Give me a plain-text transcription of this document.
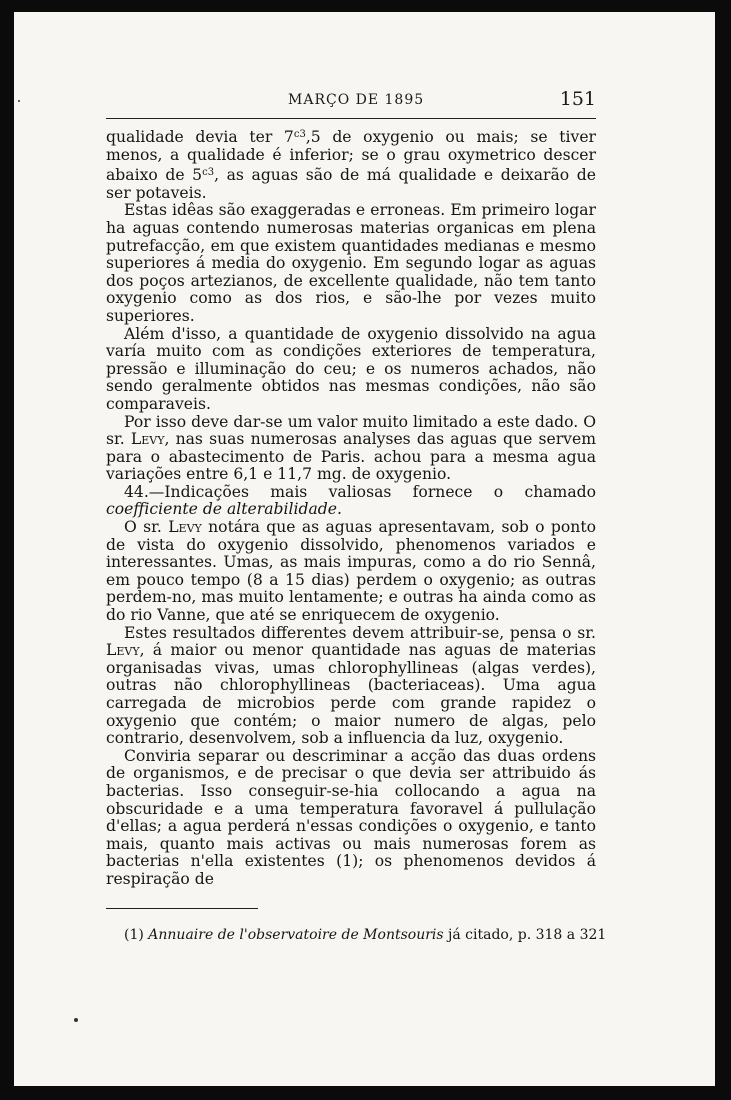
MARÇO DE 1895	151

qualidade devia ter $7^{c3},5$ de oxygenio ou mais; se tiver menos, a qualidade é inferior; se o grau oxymetrico descer abaixo de $5^{c3}$, as aguas são de má qualidade e deixarão de ser potaveis.

Estas idêas são exaggeradas e erroneas. Em primeiro logar ha aguas contendo numerosas materias organicas em plena putrefacção, em que existem quantidades medianas e mesmo superiores á media do oxygenio. Em segundo logar as aguas dos poços artezianos, de excellente qualidade, não tem tanto oxygenio como as dos rios, e são-lhe por vezes muito superiores.

Além d'isso, a quantidade de oxygenio dissolvido na agua varía muito com as condições exteriores de temperatura, pressão e illuminação do ceu; e os numeros achados, não sendo geralmente obtidos nas mesmas condições, não são comparaveis.

Por isso deve dar-se um valor muito limitado a este dado. O sr. Levy, nas suas numerosas analyses das aguas que servem para o abastecimento de Paris. achou para a mesma agua variações entre 6,1 e 11,7 mg. de oxygenio.

44.—Indicações mais valiosas fornece o chamado coefficiente de alterabilidade.

O sr. Levy notára que as aguas apresentavam, sob o ponto de vista do oxygenio dissolvido, phenomenos variados e interessantes. Umas, as mais impuras, como a do rio Sennâ, em pouco tempo (8 a 15 dias) perdem o oxygenio; as outras perdem-no, mas muito lentamente; e outras ha ainda como as do rio Vanne, que até se enriquecem de oxygenio.

Estes resultados differentes devem attribuir-se, pensa o sr. Levy, á maior ou menor quantidade nas aguas de materias organisadas vivas, umas chlorophyllineas (algas verdes), outras não chlorophyllineas (bacteriaceas). Uma agua carregada de microbios perde com grande rapidez o oxygenio que contém; o maior numero de algas, pelo contrario, desenvolvem, sob a influencia da luz, oxygenio.

Conviria separar ou descriminar a acção das duas ordens de organismos, e de precisar o que devia ser attribuido ás bacterias. Isso conseguir-se-hia collocando a agua na obscuridade e a uma temperatura favoravel á pullulação d'ellas; a agua perderá n'essas condições o oxygenio, e tanto mais, quanto mais activas ou mais numerosas forem as bacterias n'ella existentes (1); os phenomenos devidos á respiração de

(1) Annuaire de l'observatoire de Montsouris já citado, p. 318 a 321
